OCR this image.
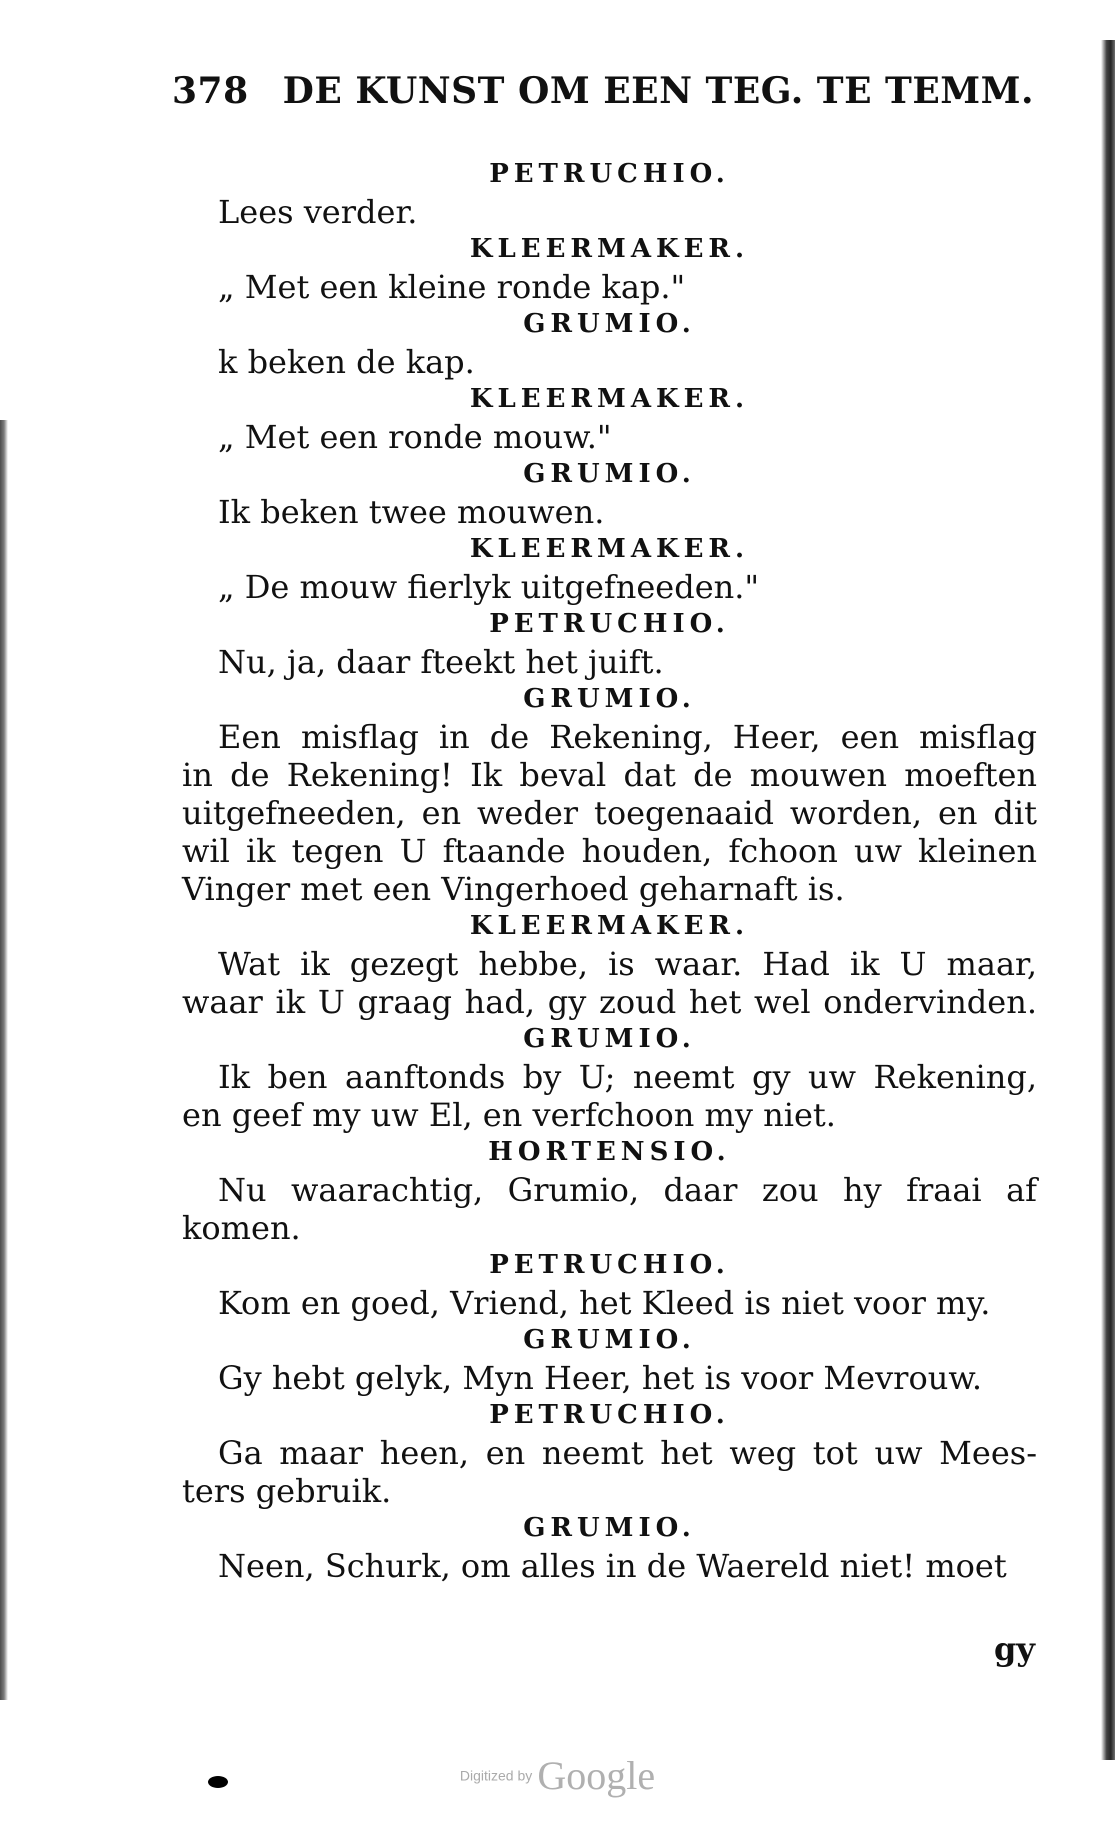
378 DE KUNST OM EEN TEG. TE TEMM.
PETRUCHIO.
Lees verder.
KLEERMAKER.
„ Met een kleine ronde kap."
GRUMIO.
k beken de kap.
KLEERMAKER.
„ Met een ronde mouw."
GRUMIO.
Ik beken twee mouwen.
KLEERMAKER.
„ De mouw fierlyk uitgefneeden."
PETRUCHIO.
Nu, ja, daar fteekt het juift.
GRUMIO.
Een misflag in de Rekening, Heer, een misflag
in de Rekening! Ik beval dat de mouwen moeften
uitgefneeden, en weder toegenaaid worden, en dit
wil ik tegen U ftaande houden, fchoon uw kleinen
Vinger met een Vingerhoed geharnaft is.
KLEERMAKER.
Wat ik gezegt hebbe, is waar. Had ik U maar,
waar ik U graag had, gy zoud het wel ondervinden.
GRUMIO.
Ik ben aanftonds by U; neemt gy uw Rekening,
en geef my uw El, en verfchoon my niet.
HORTENSIO.
Nu waarachtig, Grumio, daar zou hy fraai af
komen.
PETRUCHIO.
Kom en goed, Vriend, het Kleed is niet voor my.
GRUMIO.
Gy hebt gelyk, Myn Heer, het is voor Mevrouw.
PETRUCHIO.
Ga maar heen, en neemt het weg tot uw Mees-
ters gebruik.
GRUMIO.
Neen, Schurk, om alles in de Waereld niet! moet
gy
Digitized by Google
